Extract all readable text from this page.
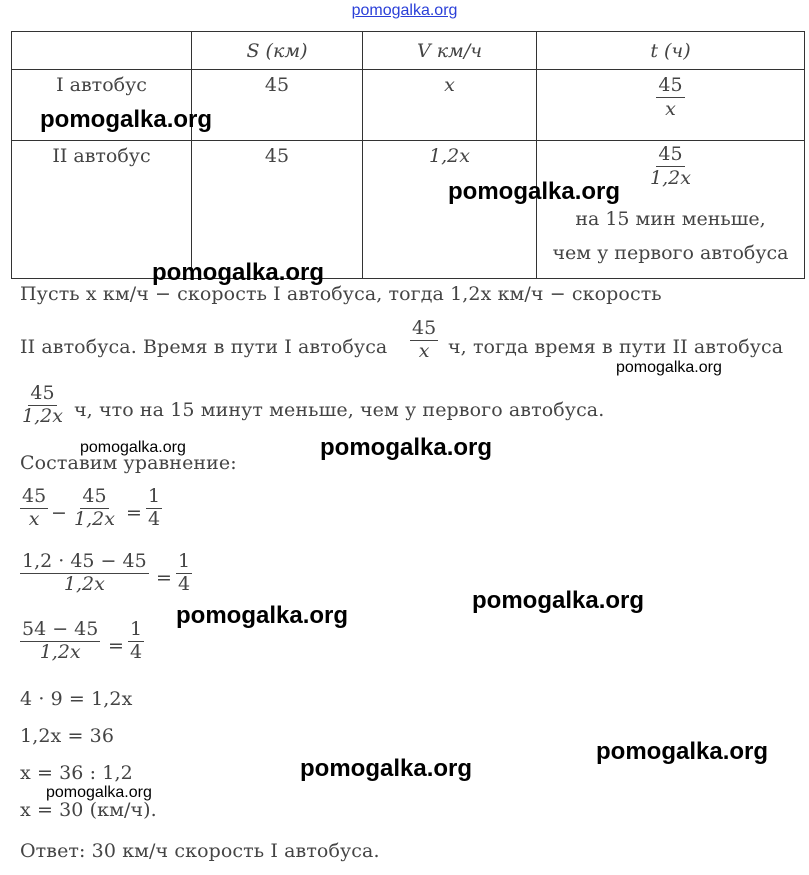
pomogalka.org
	S (км)	V км/ч	t (ч)
I автобус	45	x	$\frac{45}{x}$

II автобус	45	1,2x	$\frac{45}{1,2x}$
на 15 мин меньше,
чем у первого автобуса
Пусть x км/ч − скорость I автобуса, тогда 1,2x км/ч − скорость
II автобуса. Время в пути I автобуса $\frac{45}{x} ч$, тогда время в пути II автобуса
$\frac{45}{1,2x} ч$, что на 15 минут меньше, чем у первого автобуса.
Составим уравнение:
$\frac{45}{x} - \frac{45}{1,2x} = \frac{1}{4}$
$\frac{1,2 \cdot 45 - 45}{1,2x} = \frac{1}{4}$
$\frac{54 - 45}{1,2x} = \frac{1}{4}$
4 · 9 = 1,2x
1,2x = 36
x = 36 : 1,2
x = 30 (км/ч).
Ответ: 30 км/ч скорость I автобуса.
pomogalka.org
pomogalka.org
pomogalka.org
pomogalka.org
pomogalka.org	pomogalka.org
pomogalka.org
pomogalka.org
pomogalka.org
pomogalka.org
pomogalka.org
